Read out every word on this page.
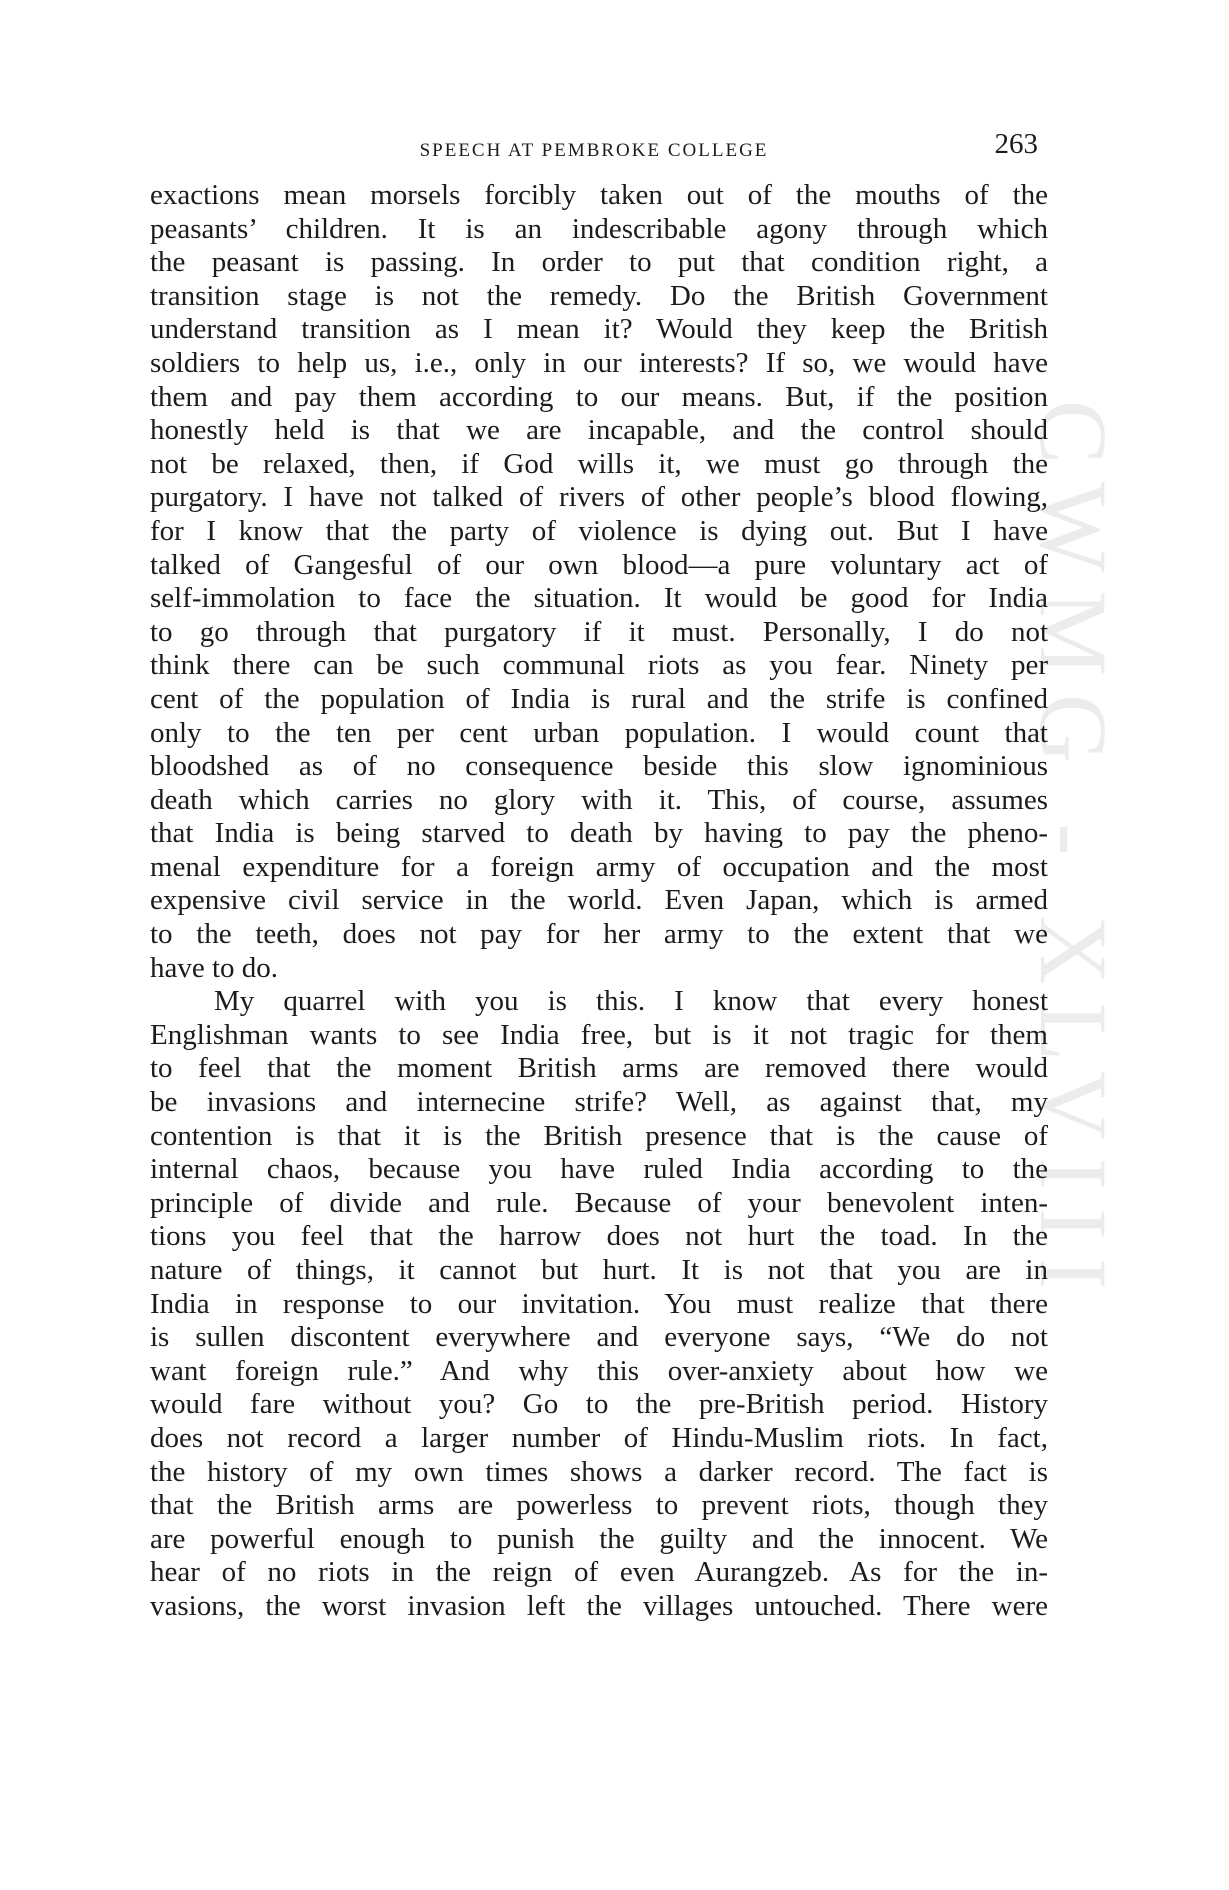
CWMG - XLVIII
SPEECH AT PEMBROKE COLLEGE	263
exactions mean morsels forcibly taken out of the mouths of the
peasants’ children. It is an indescribable agony through which
the peasant is passing. In order to put that condition right, a
transition stage is not the remedy. Do the British Government
understand transition as I mean it? Would they keep the British
soldiers to help us, i.e., only in our interests? If so, we would have
them and pay them according to our means. But, if the position
honestly held is that we are incapable, and the control should
not be relaxed, then, if God wills it, we must go through the
purgatory. I have not talked of rivers of other people’s blood flowing,
for I know that the party of violence is dying out. But I have
talked of Gangesful of our own blood—a pure voluntary act of
self-immolation to face the situation. It would be good for India
to go through that purgatory if it must. Personally, I do not
think there can be such communal riots as you fear. Ninety per
cent of the population of India is rural and the strife is confined
only to the ten per cent urban population. I would count that
bloodshed as of no consequence beside this slow ignominious
death which carries no glory with it. This, of course, assumes
that India is being starved to death by having to pay the pheno-
menal expenditure for a foreign army of occupation and the most
expensive civil service in the world. Even Japan, which is armed
to the teeth, does not pay for her army to the extent that we
have to do.
My quarrel with you is this. I know that every honest
Englishman wants to see India free, but is it not tragic for them
to feel that the moment British arms are removed there would
be invasions and internecine strife? Well, as against that, my
contention is that it is the British presence that is the cause of
internal chaos, because you have ruled India according to the
principle of divide and rule. Because of your benevolent inten-
tions you feel that the harrow does not hurt the toad. In the
nature of things, it cannot but hurt. It is not that you are in
India in response to our invitation. You must realize that there
is sullen discontent everywhere and everyone says, “We do not
want foreign rule.” And why this over-anxiety about how we
would fare without you? Go to the pre-British period. History
does not record a larger number of Hindu-Muslim riots. In fact,
the history of my own times shows a darker record. The fact is
that the British arms are powerless to prevent riots, though they
are powerful enough to punish the guilty and the innocent. We
hear of no riots in the reign of even Aurangzeb. As for the in-
vasions, the worst invasion left the villages untouched. There were
